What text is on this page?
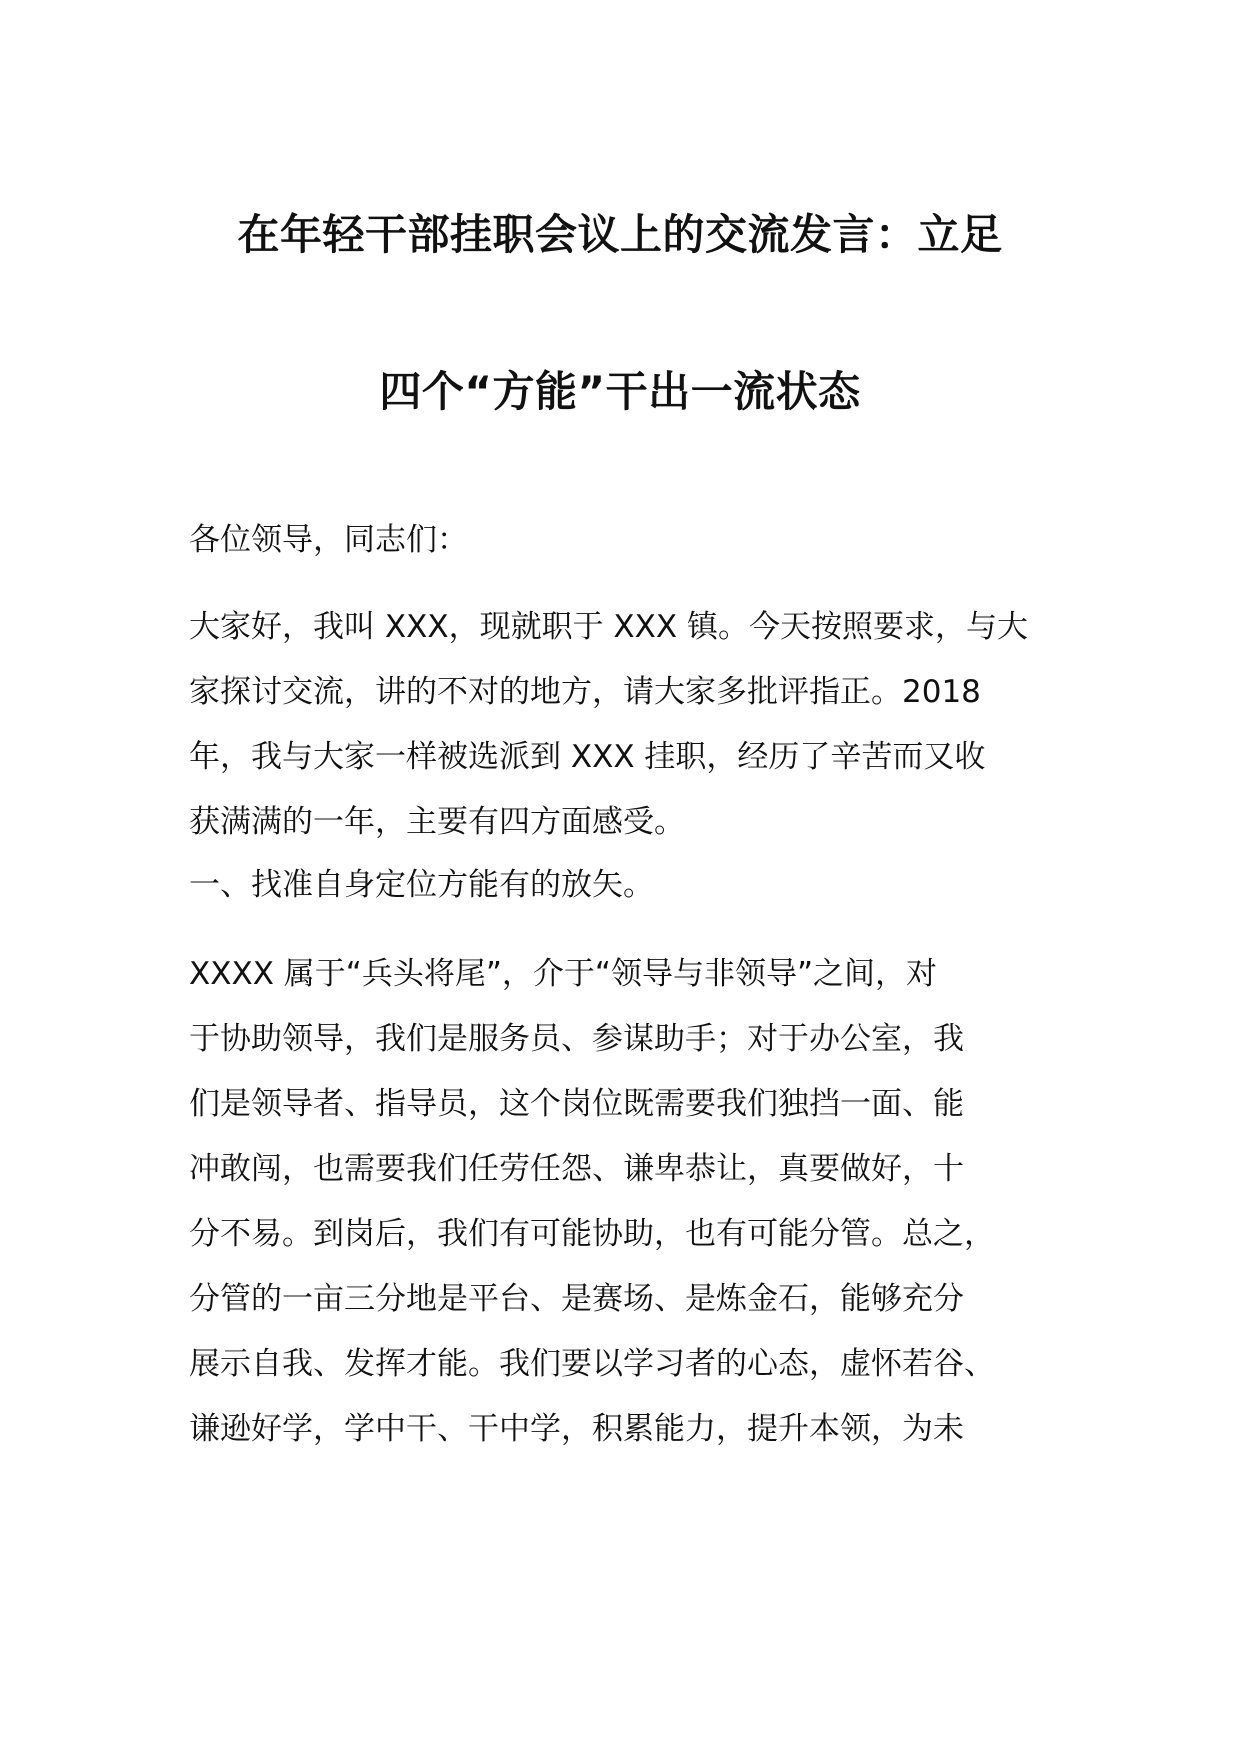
在年轻干部挂职会议上的交流发言：立足
四个“方能”干出一流状态

各位领导，同志们：

大家好，我叫 XXX，现就职于 XXX 镇。今天按照要求，与大
家探讨交流，讲的不对的地方，请大家多批评指正。2018
年，我与大家一样被选派到 XXX 挂职，经历了辛苦而又收
获满满的一年，主要有四方面感受。

一、找准自身定位方能有的放矢。

XXXX 属于“兵头将尾”，介于“领导与非领导”之间，对
于协助领导，我们是服务员、参谋助手；对于办公室，我
们是领导者、指导员，这个岗位既需要我们独挡一面、能
冲敢闯，也需要我们任劳任怨、谦卑恭让，真要做好，十
分不易。到岗后，我们有可能协助，也有可能分管。总之，
分管的一亩三分地是平台、是赛场、是炼金石，能够充分
展示自我、发挥才能。我们要以学习者的心态，虚怀若谷、
谦逊好学，学中干、干中学，积累能力，提升本领，为未
